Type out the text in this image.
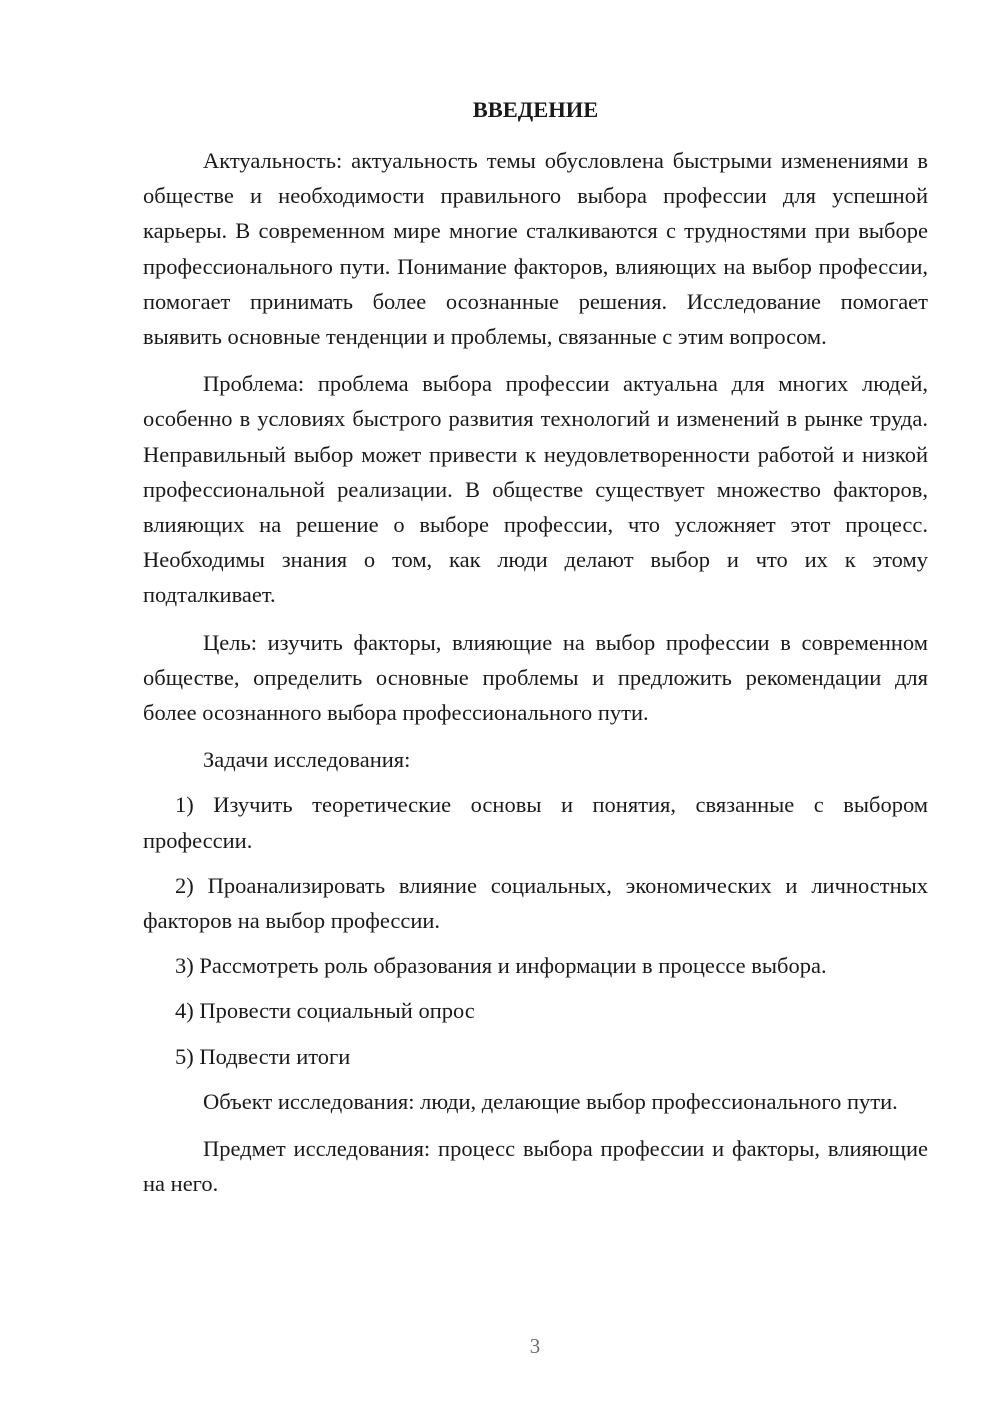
ВВЕДЕНИЕ

Актуальность: актуальность темы обусловлена быстрыми изменениями в обществе и необходимости правильного выбора профессии для успешной карьеры. В современном мире многие сталкиваются с трудностями при выборе профессионального пути. Понимание факторов, влияющих на выбор профессии, помогает принимать более осознанные решения. Исследование помогает выявить основные тенденции и проблемы, связанные с этим вопросом.

Проблема: проблема выбора профессии актуальна для многих людей, особенно в условиях быстрого развития технологий и изменений в рынке труда. Неправильный выбор может привести к неудовлетворенности работой и низкой профессиональной реализации. В обществе существует множество факторов, влияющих на решение о выборе профессии, что усложняет этот процесс. Необходимы знания о том, как люди делают выбор и что их к этому подталкивает.

Цель: изучить факторы, влияющие на выбор профессии в современном обществе, определить основные проблемы и предложить рекомендации для более осознанного выбора профессионального пути.

Задачи исследования:

1) Изучить теоретические основы и понятия, связанные с выбором профессии.

2) Проанализировать влияние социальных, экономических и личностных факторов на выбор профессии.

3) Рассмотреть роль образования и информации в процессе выбора.

4) Провести социальный опрос

5) Подвести итоги

Объект исследования: люди, делающие выбор профессионального пути.

Предмет исследования: процесс выбора профессии и факторы, влияющие на него.

3
